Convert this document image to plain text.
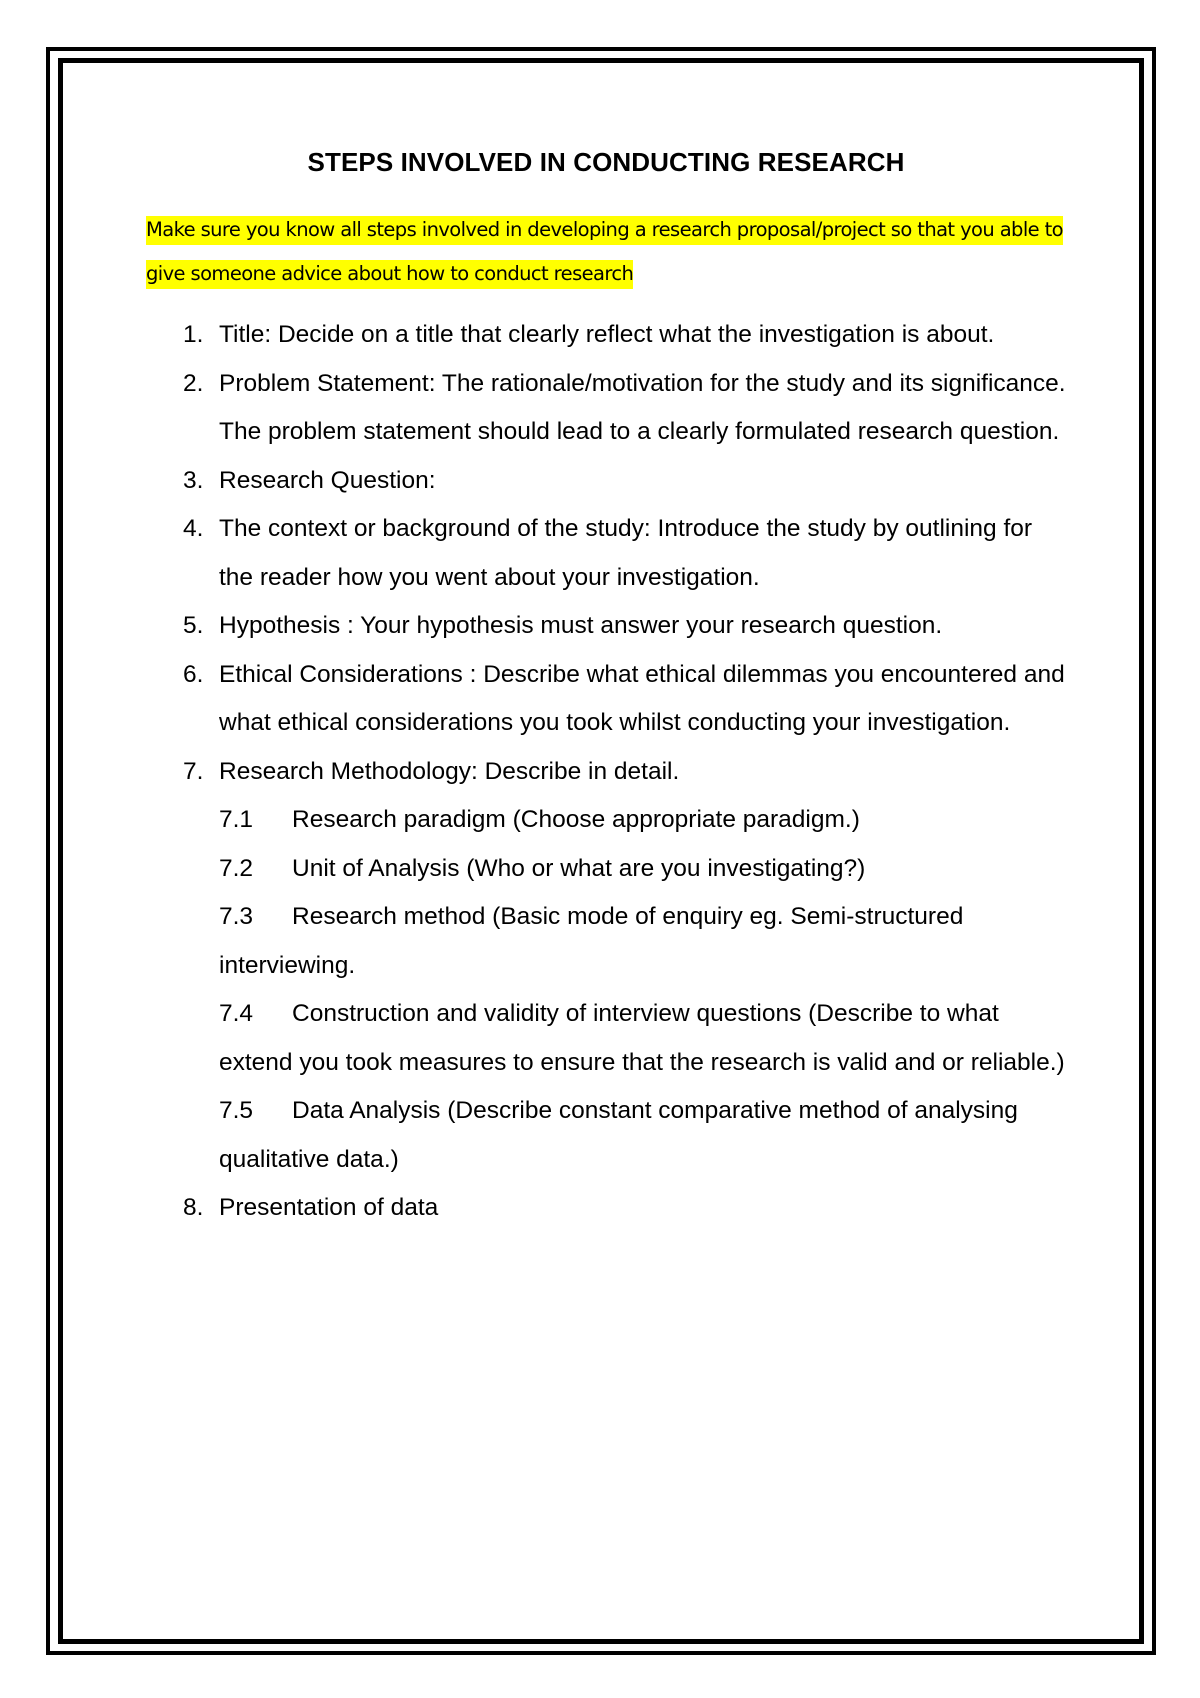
STEPS INVOLVED IN CONDUCTING RESEARCH

Make sure you know all steps involved in developing a research proposal/project so that you able to give someone advice about how to conduct research

1. Title: Decide on a title that clearly reflect what the investigation is about.
2. Problem Statement: The rationale/motivation for the study and its significance. The problem statement should lead to a clearly formulated research question.
3. Research Question:
4. The context or background of the study: Introduce the study by outlining for the reader how you went about your investigation.
5. Hypothesis : Your hypothesis must answer your research question.
6. Ethical Considerations : Describe what ethical dilemmas you encountered and what ethical considerations you took whilst conducting your investigation.
7. Research Methodology: Describe in detail.
7.1 Research paradigm (Choose appropriate paradigm.)
7.2 Unit of Analysis (Who or what are you investigating?)
7.3 Research method (Basic mode of enquiry eg. Semi-structured interviewing.
7.4 Construction and validity of interview questions (Describe to what extend you took measures to ensure that the research is valid and or reliable.)
7.5 Data Analysis (Describe constant comparative method of analysing qualitative data.)
8. Presentation of data
